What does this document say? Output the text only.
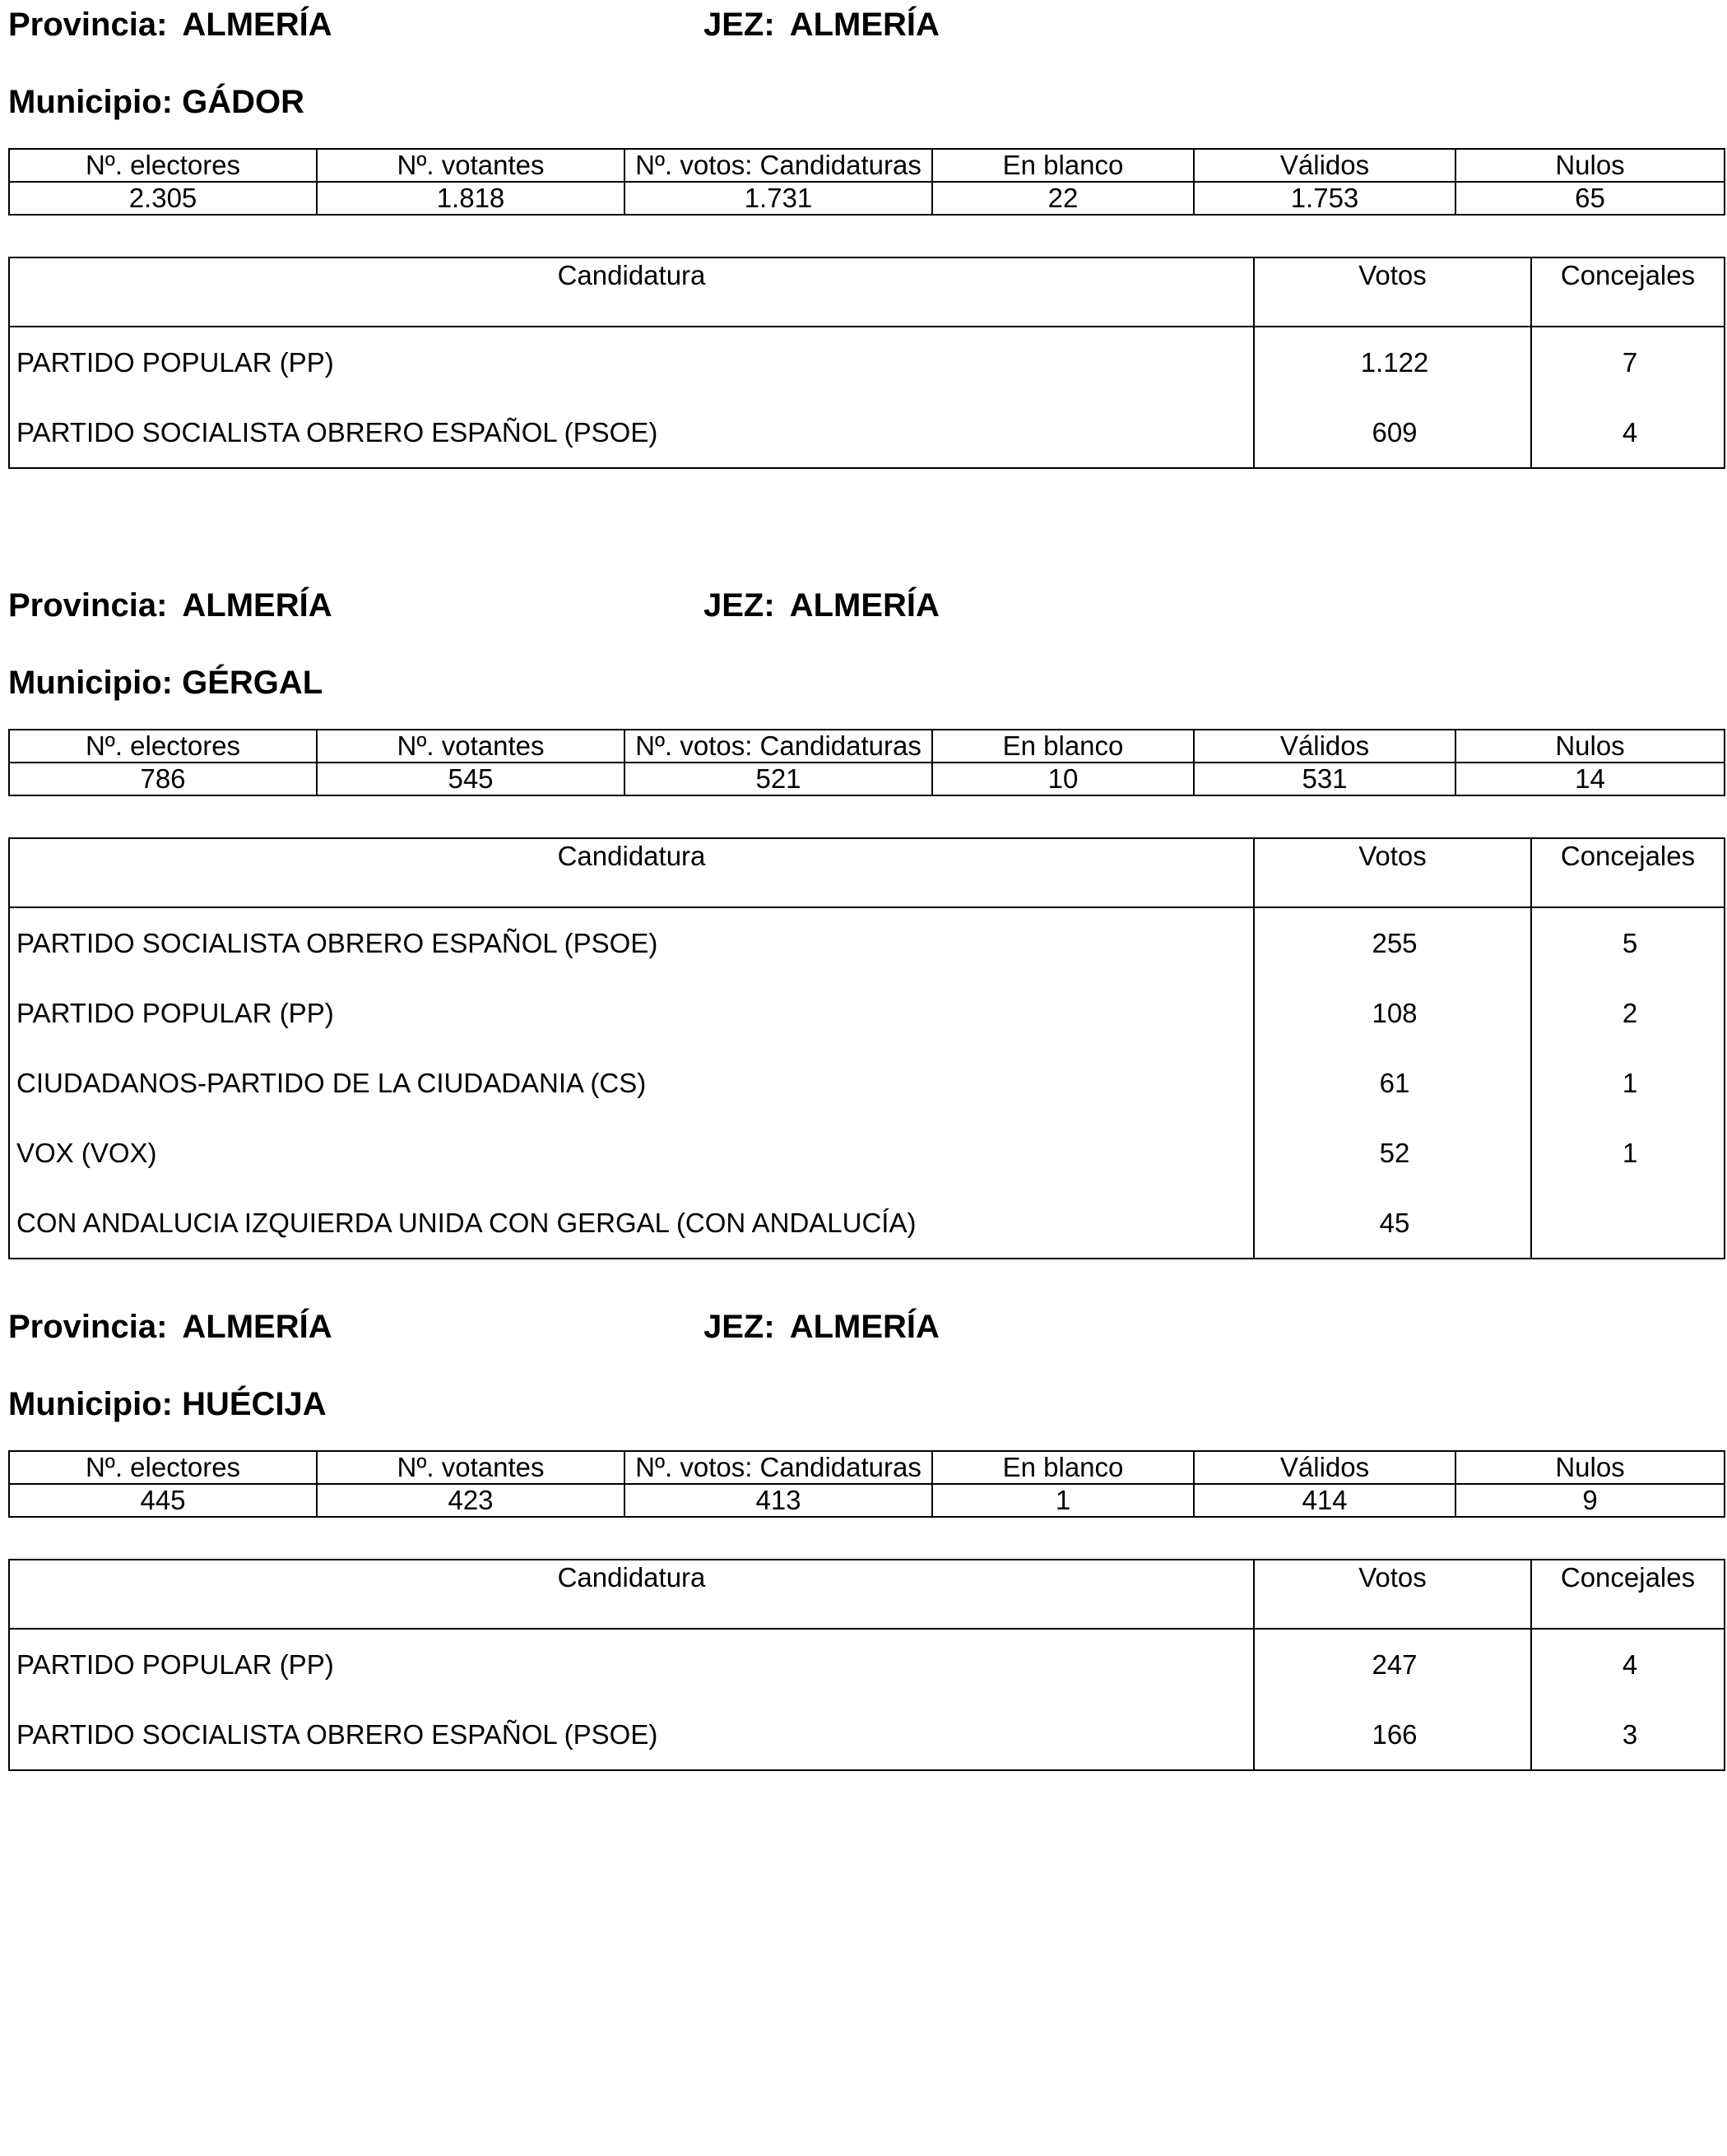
Provincia: ALMERÍA	JEZ: ALMERÍA
Municipio: GÁDOR
Nº. electores	Nº. votantes	Nº. votos: Candidaturas	En blanco	Válidos	Nulos
2.305	1.818	1.731	22	1.753	65
Candidatura	Votos	Concejales
PARTIDO POPULAR (PP)	1.122	7
PARTIDO SOCIALISTA OBRERO ESPAÑOL (PSOE)	609	4
Provincia: ALMERÍA	JEZ: ALMERÍA
Municipio: GÉRGAL
Nº. electores	Nº. votantes	Nº. votos: Candidaturas	En blanco	Válidos	Nulos
786	545	521	10	531	14
Candidatura	Votos	Concejales
PARTIDO SOCIALISTA OBRERO ESPAÑOL (PSOE)	255	5
PARTIDO POPULAR (PP)	108	2
CIUDADANOS-PARTIDO DE LA CIUDADANIA (CS)	61	1
VOX (VOX)	52	1
CON ANDALUCIA IZQUIERDA UNIDA CON GERGAL (CON ANDALUCÍA)	45	
Provincia: ALMERÍA	JEZ: ALMERÍA
Municipio: HUÉCIJA
Nº. electores	Nº. votantes	Nº. votos: Candidaturas	En blanco	Válidos	Nulos
445	423	413	1	414	9
Candidatura	Votos	Concejales
PARTIDO POPULAR (PP)	247	4
PARTIDO SOCIALISTA OBRERO ESPAÑOL (PSOE)	166	3
